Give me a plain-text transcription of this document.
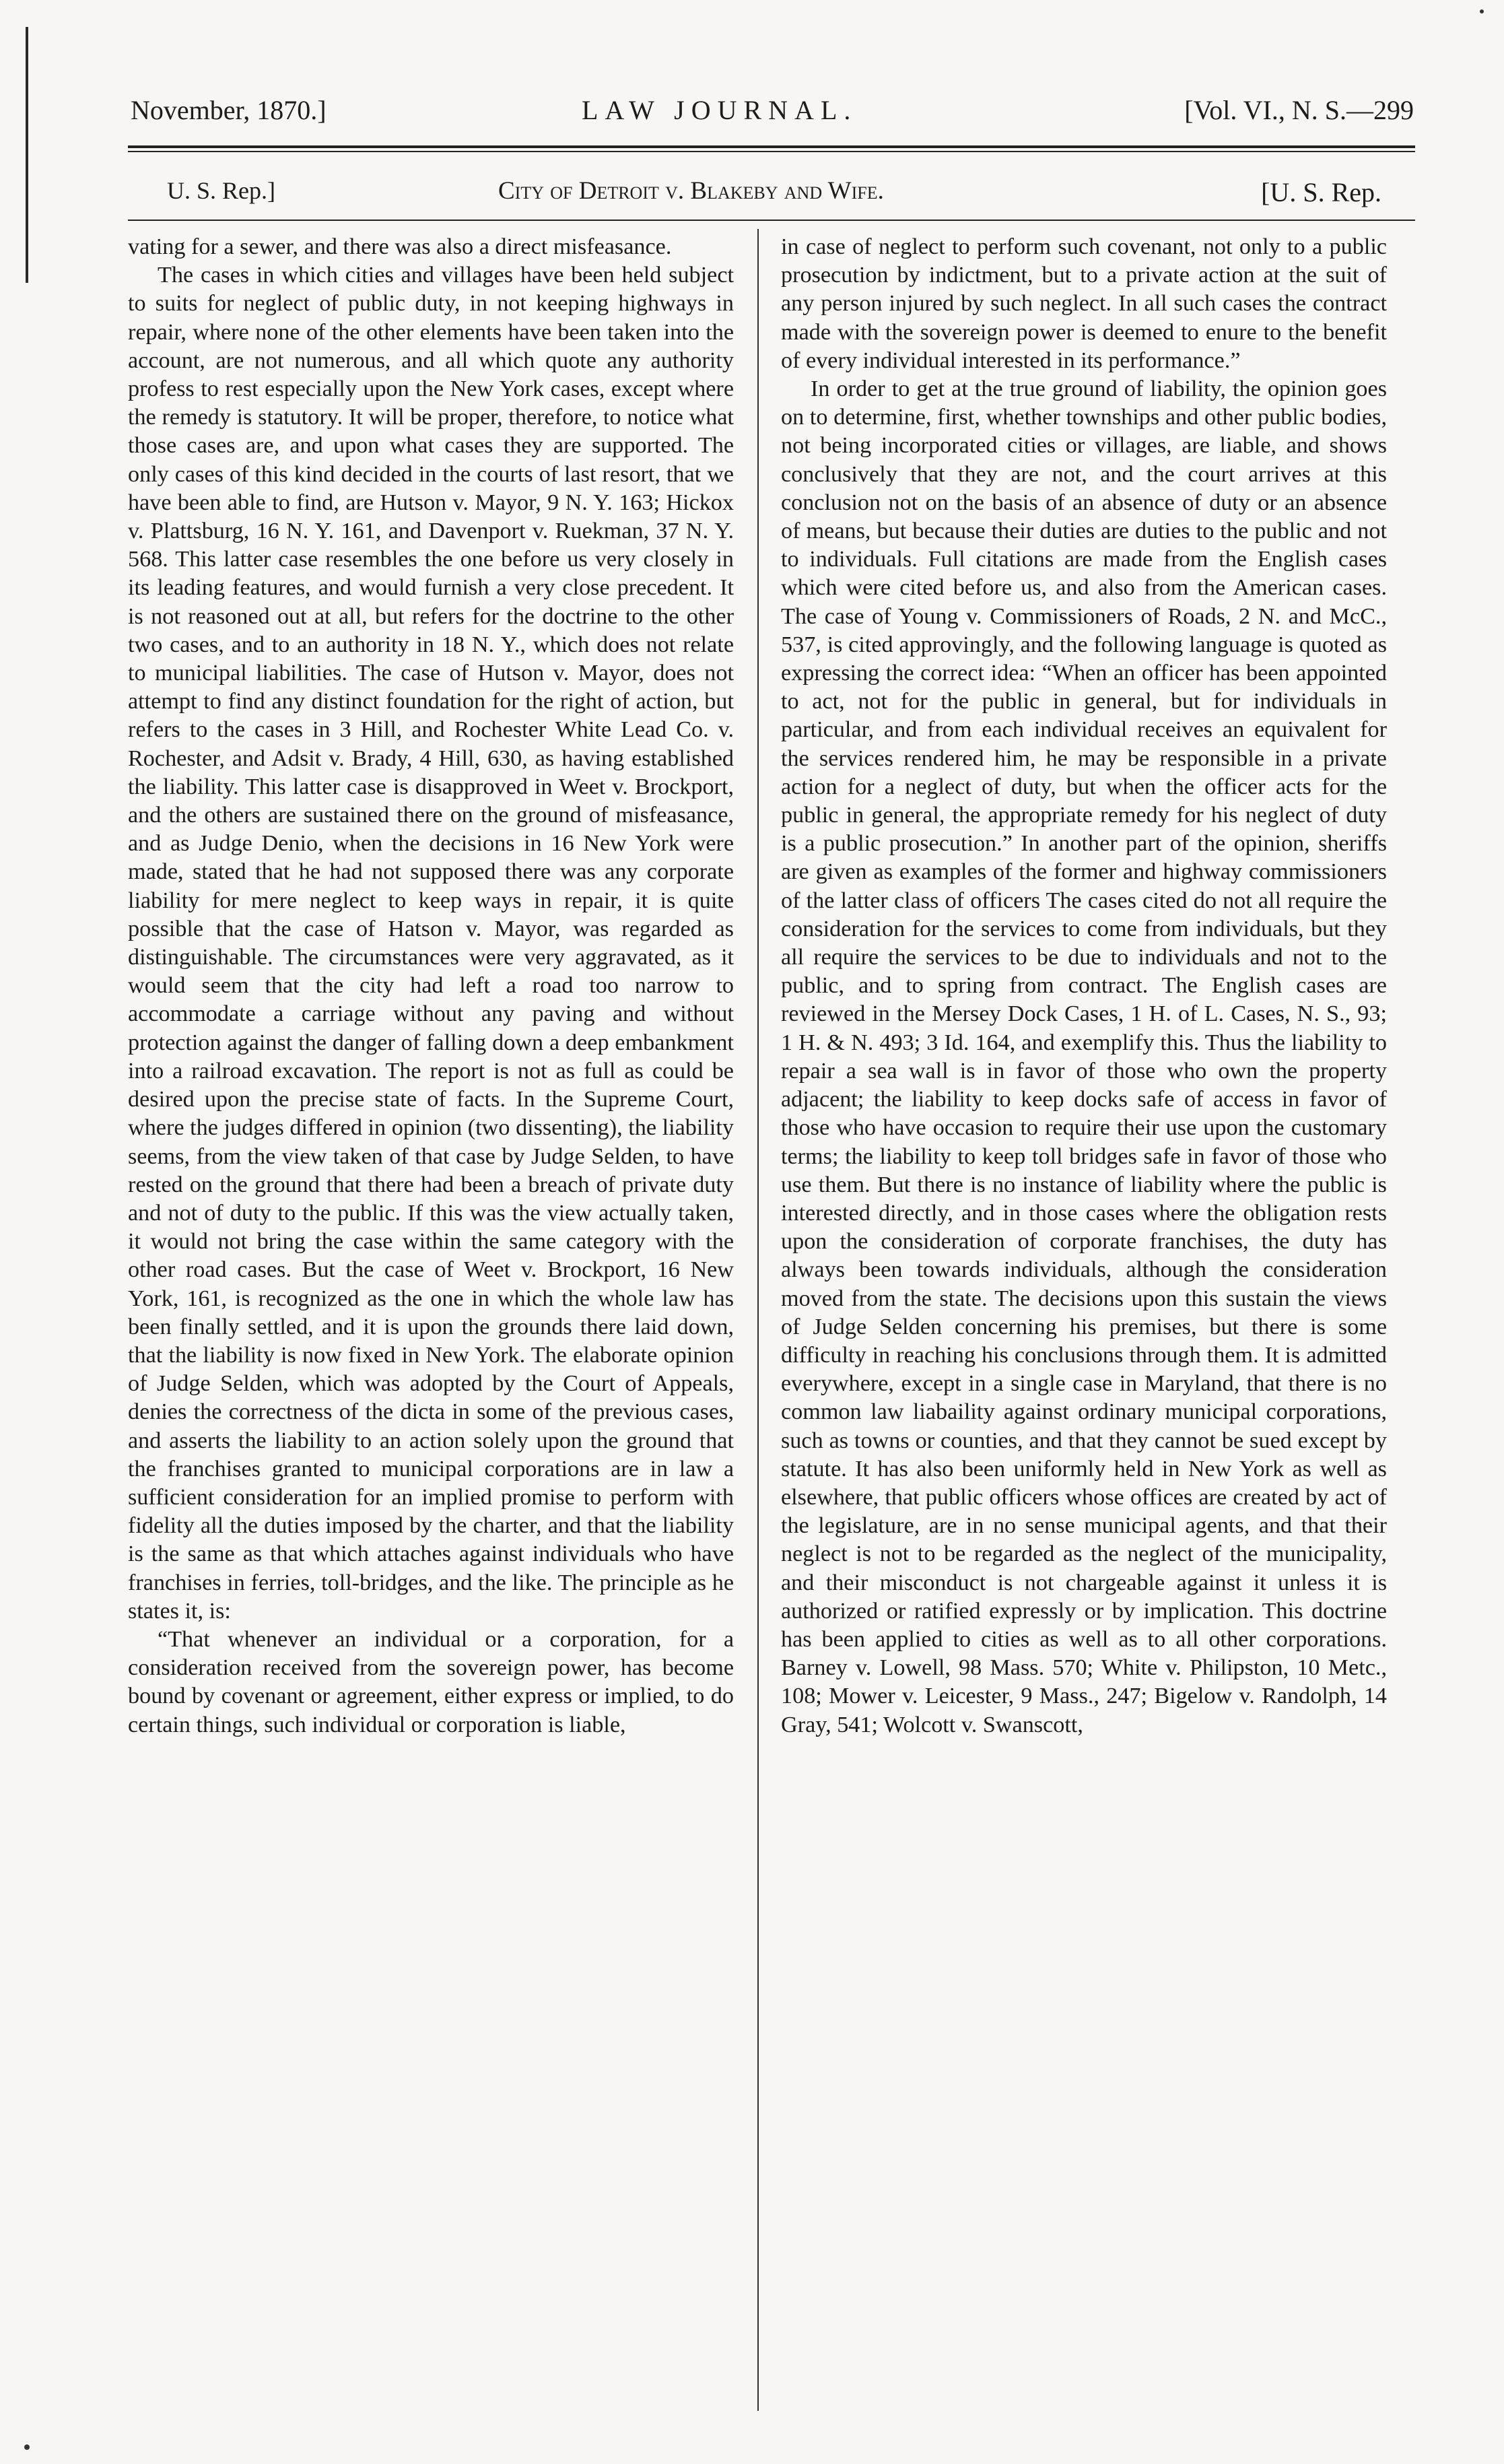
November, 1870.]	LAW JOURNAL.	[Vol. VI., N. S.—299
U. S. Rep.]	City of Detroit v. Blakeby and Wife.	[U. S. Rep.

vating for a sewer, and there was also a direct misfeasance.

The cases in which cities and villages have been held subject to suits for neglect of public duty, in not keeping highways in repair, where none of the other elements have been taken into the account, are not numerous, and all which quote any authority profess to rest especially upon the New York cases, except where the remedy is statutory. It will be proper, therefore, to notice what those cases are, and upon what cases they are supported. The only cases of this kind decided in the courts of last resort, that we have been able to find, are Hutson v. Mayor, 9 N. Y. 163; Hickox v. Plattsburg, 16 N. Y. 161, and Davenport v. Ruekman, 37 N. Y. 568. This latter case resembles the one before us very closely in its leading features, and would furnish a very close precedent. It is not reasoned out at all, but refers for the doctrine to the other two cases, and to an authority in 18 N. Y., which does not relate to municipal liabilities. The case of Hutson v. Mayor, does not attempt to find any distinct foundation for the right of action, but refers to the cases in 3 Hill, and Rochester White Lead Co. v. Rochester, and Adsit v. Brady, 4 Hill, 630, as having established the liability. This latter case is disapproved in Weet v. Brockport, and the others are sustained there on the ground of misfeasance, and as Judge Denio, when the decisions in 16 New York were made, stated that he had not supposed there was any corporate liability for mere neglect to keep ways in repair, it is quite possible that the case of Hatson v. Mayor, was regarded as distinguishable. The circumstances were very aggravated, as it would seem that the city had left a road too narrow to accommodate a carriage without any paving and without protection against the danger of falling down a deep embankment into a railroad excavation. The report is not as full as could be desired upon the precise state of facts. In the Supreme Court, where the judges differed in opinion (two dissenting), the liability seems, from the view taken of that case by Judge Selden, to have rested on the ground that there had been a breach of private duty and not of duty to the public. If this was the view actually taken, it would not bring the case within the same category with the other road cases. But the case of Weet v. Brockport, 16 New York, 161, is recognized as the one in which the whole law has been finally settled, and it is upon the grounds there laid down, that the liability is now fixed in New York. The elaborate opinion of Judge Selden, which was adopted by the Court of Appeals, denies the correctness of the dicta in some of the previous cases, and asserts the liability to an action solely upon the ground that the franchises granted to municipal corporations are in law a sufficient consideration for an implied promise to perform with fidelity all the duties imposed by the charter, and that the liability is the same as that which attaches against individuals who have franchises in ferries, toll-bridges, and the like. The principle as he states it, is:

“That whenever an individual or a corporation, for a consideration received from the sovereign power, has become bound by covenant or agreement, either express or implied, to do certain things, such individual or corporation is liable,

in case of neglect to perform such covenant, not only to a public prosecution by indictment, but to a private action at the suit of any person injured by such neglect. In all such cases the contract made with the sovereign power is deemed to enure to the benefit of every individual interested in its performance.”

In order to get at the true ground of liability, the opinion goes on to determine, first, whether townships and other public bodies, not being incorporated cities or villages, are liable, and shows conclusively that they are not, and the court arrives at this conclusion not on the basis of an absence of duty or an absence of means, but because their duties are duties to the public and not to individuals. Full citations are made from the English cases which were cited before us, and also from the American cases. The case of Young v. Commissioners of Roads, 2 N. and McC., 537, is cited approvingly, and the following language is quoted as expressing the correct idea: “When an officer has been appointed to act, not for the public in general, but for individuals in particular, and from each individual receives an equivalent for the services rendered him, he may be responsible in a private action for a neglect of duty, but when the officer acts for the public in general, the appropriate remedy for his neglect of duty is a public prosecution.” In another part of the opinion, sheriffs are given as examples of the former and highway commissioners of the latter class of officers The cases cited do not all require the consideration for the services to come from individuals, but they all require the services to be due to individuals and not to the public, and to spring from contract. The English cases are reviewed in the Mersey Dock Cases, 1 H. of L. Cases, N. S., 93; 1 H. & N. 493; 3 Id. 164, and exemplify this. Thus the liability to repair a sea wall is in favor of those who own the property adjacent; the liability to keep docks safe of access in favor of those who have occasion to require their use upon the customary terms; the liability to keep toll bridges safe in favor of those who use them. But there is no instance of liability where the public is interested directly, and in those cases where the obligation rests upon the consideration of corporate franchises, the duty has always been towards individuals, although the consideration moved from the state. The decisions upon this sustain the views of Judge Selden concerning his premises, but there is some difficulty in reaching his conclusions through them. It is admitted everywhere, except in a single case in Maryland, that there is no common law liabaility against ordinary municipal corporations, such as towns or counties, and that they cannot be sued except by statute. It has also been uniformly held in New York as well as elsewhere, that public officers whose offices are created by act of the legislature, are in no sense municipal agents, and that their neglect is not to be regarded as the neglect of the municipality, and their misconduct is not chargeable against it unless it is authorized or ratified expressly or by implication. This doctrine has been applied to cities as well as to all other corporations. Barney v. Lowell, 98 Mass. 570; White v. Philipston, 10 Metc., 108; Mower v. Leicester, 9 Mass., 247; Bigelow v. Randolph, 14 Gray, 541; Wolcott v. Swanscott,
